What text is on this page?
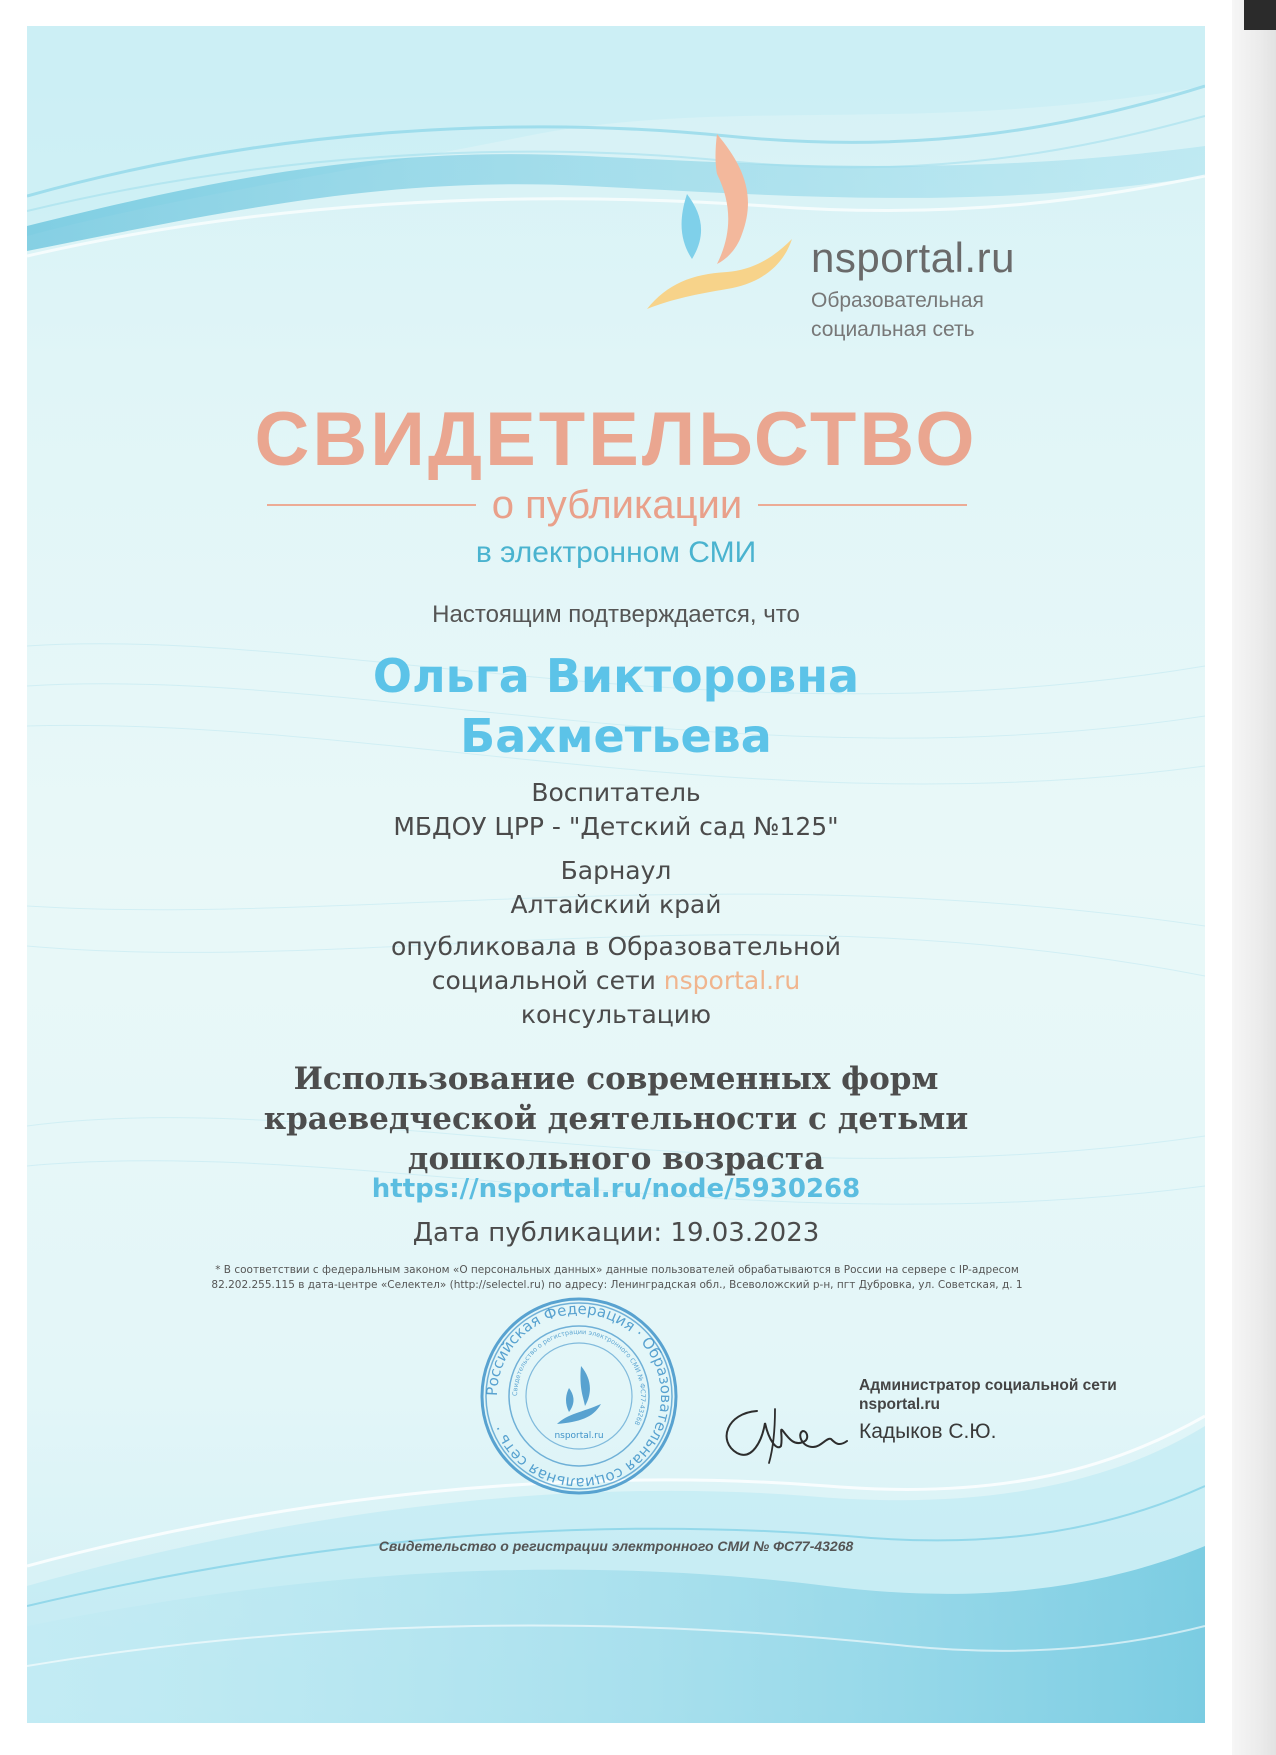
nsportal.ru
Образовательная
социальная сеть
СВИДЕТЕЛЬСТВО
о публикации
в электронном СМИ
Настоящим подтверждается, что
Ольга Викторовна
Бахметьева
Воспитатель
МБДОУ ЦРР - "Детский сад №125"
Барнаул
Алтайский край
опубликовала в Образовательной
социальной сети nsportal.ru
консультацию
Использование современных форм
краеведческой деятельности с детьми
дошкольного возраста
https://nsportal.ru/node/5930268
Дата публикации: 19.03.2023
* В соответствии с федеральным законом «О персональных данных» данные пользователей обрабатываются в России на сервере с IP-адресом
82.202.255.115 в дата-центре «Селектел» (http://selectel.ru) по адресу: Ленинградская обл., Всеволожский р-н, пгт Дубровка, ул. Советская, д. 1
Российская Федерация · Образовательная социальная сеть ·
Свидетельство о регистрации электронного СМИ № ФС77-43268
nsportal.ru
Администратор социальной сети nsportal.ru
Кадыков С.Ю.
Свидетельство о регистрации электронного СМИ № ФС77-43268
